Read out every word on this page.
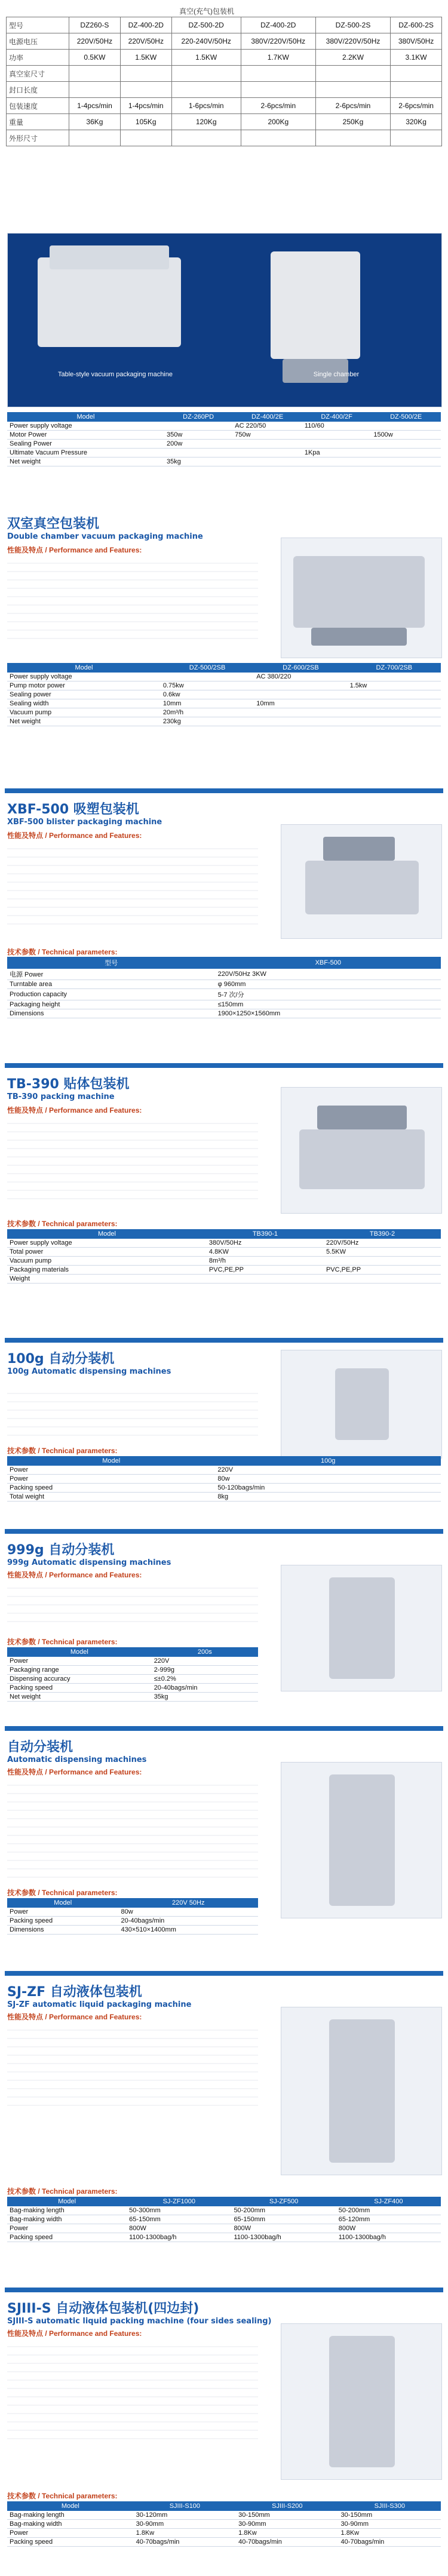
真空(充气)包装机
型号	DZ260-S	DZ-400-2D	DZ-500-2D	DZ-400-2D	DZ-500-2S	DZ-600-2S
电源电压	220V/50Hz	220V/50Hz	220-240V/50Hz	380V/220V/50Hz	380V/220V/50Hz	380V/50Hz
功率	0.5KW	1.5KW	1.5KW	1.7KW	2.2KW	3.1KW
真空室尺寸						
封口长度						
包装速度	1-4pcs/min	1-4pcs/min	1-6pcs/min	2-6pcs/min	2-6pcs/min	2-6pcs/min
重量	36Kg	105Kg	120Kg	200Kg	250Kg	320Kg
外形尺寸						
Table-style vacuum packaging machine	Single chamber
Model	DZ-260PD	DZ-400/2E	DZ-400/2F	DZ-500/2E
Power supply voltage		AC 220/50	110/60	
Motor Power	350w	750w		1500w
Sealing Power	200w			
Ultimate Vacuum Pressure			1Kpa	
Net weight	35kg			
双室真空包装机
Double chamber vacuum packaging machine
性能及特点 / Performance and Features:
Model	DZ-500/2SB	DZ-600/2SB	DZ-700/2SB
Power supply voltage		AC 380/220	
Pump motor power	0.75kw		1.5kw
Sealing power	0.6kw		
Sealing width	10mm	10mm	
Vacuum pump	20m³/h		
Net weight	230kg		
XBF-500 吸塑包装机
XBF-500 blister packaging machine
性能及特点 / Performance and Features:
技术参数 / Technical parameters:
型号	XBF-500
电源 Power	220V/50Hz 3KW
Turntable area	φ 960mm
Production capacity	5-7 次/分
Packaging height	≤150mm
Dimensions	1900×1250×1560mm
TB-390 贴体包装机
TB-390 packing machine
性能及特点 / Performance and Features:
技术参数 / Technical parameters:
Model	TB390-1	TB390-2
Power supply voltage	380V/50Hz	220V/50Hz
Total power	4.8KW	5.5KW
Vacuum pump	8m³/h	
Packaging materials	PVC,PE,PP	PVC,PE,PP
Weight		
100g 自动分装机
100g Automatic dispensing machines
技术参数 / Technical parameters:
Model	100g
Power	220V
Power	80w
Packing speed	50-120bags/min
Total weight	8kg
999g 自动分装机
999g Automatic dispensing machines
性能及特点 / Performance and Features:
技术参数 / Technical parameters:
Model	200s
Power	220V
Packaging range	2-999g
Dispensing accuracy	≤±0.2%
Packing speed	20-40bags/min
Net weight	35kg
自动分装机
Automatic dispensing machines
性能及特点 / Performance and Features:
技术参数 / Technical parameters:
Model	220V 50Hz
Power	80w
Packing speed	20-40bags/min
Dimensions	430×510×1400mm
SJ-ZF 自动液体包装机
SJ-ZF automatic liquid packaging machine
性能及特点 / Performance and Features:
技术参数 / Technical parameters:
Model	SJ-ZF1000	SJ-ZF500	SJ-ZF400
Bag-making length	50-300mm	50-200mm	50-200mm
Bag-making width	65-150mm	65-150mm	65-120mm
Power	800W	800W	800W
Packing speed	1100-1300bag/h	1100-1300bag/h	1100-1300bag/h
SJIII-S 自动液体包装机(四边封)
SJIII-S automatic liquid packing machine (four sides sealing)
性能及特点 / Performance and Features:
技术参数 / Technical parameters:
Model	SJIII-S100	SJIII-S200	SJIII-S300
Bag-making length	30-120mm	30-150mm	30-150mm
Bag-making width	30-90mm	30-90mm	30-90mm
Power	1.8Kw	1.8Kw	1.8Kw
Packing speed	40-70bags/min	40-70bags/min	40-70bags/min
